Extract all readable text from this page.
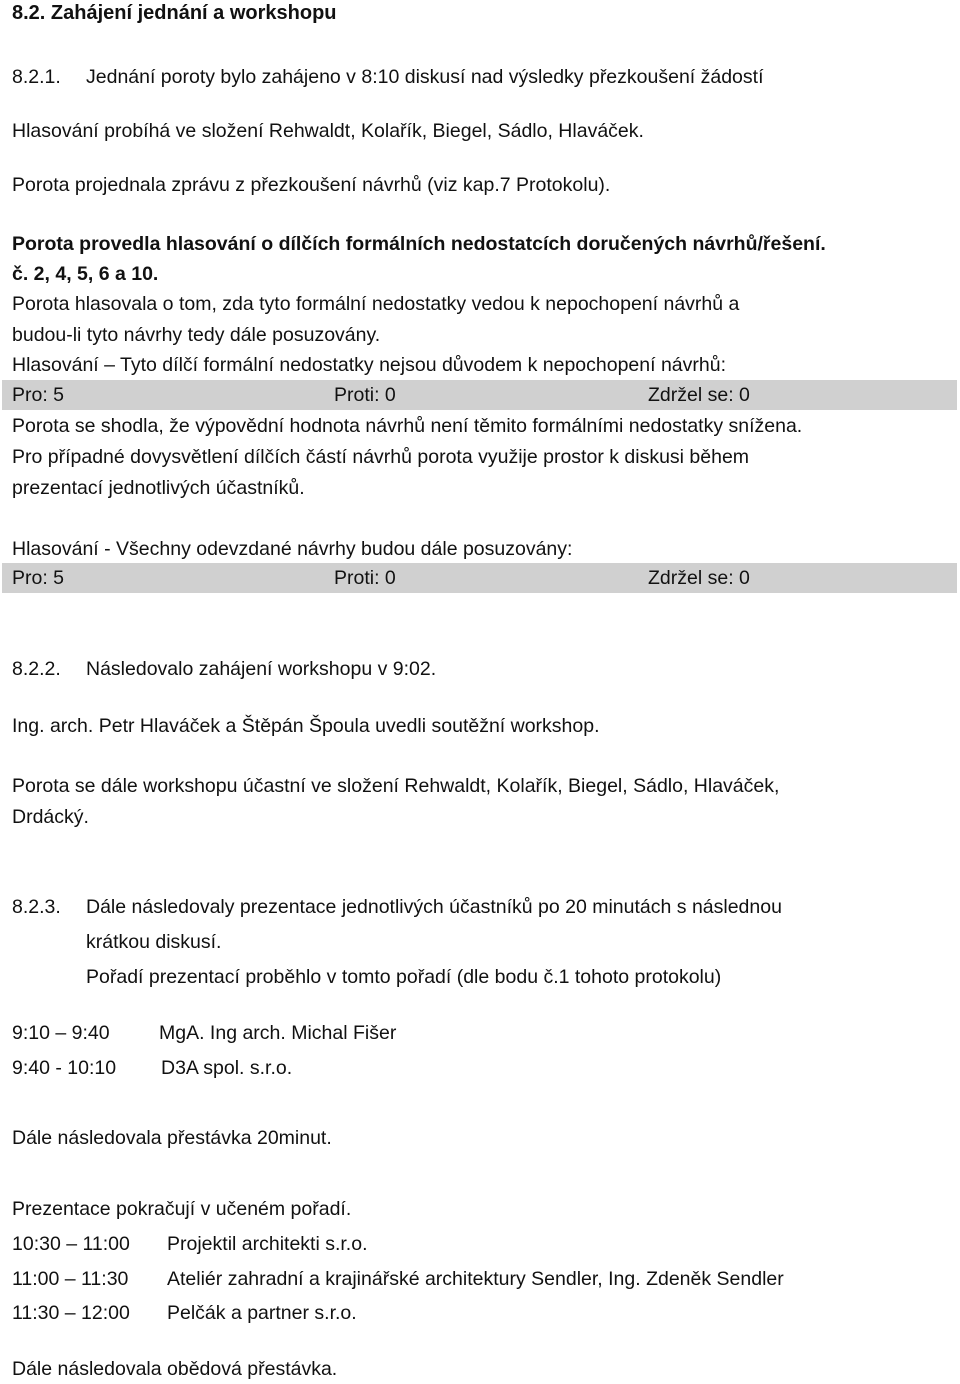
8.2. Zahájení jednání a workshopu
8.2.1. Jednání poroty bylo zahájeno v 8:10 diskusí nad výsledky přezkoušení žádostí
Hlasování probíhá ve složení Rehwaldt, Kolařík, Biegel, Sádlo, Hlaváček.
Porota projednala zprávu z přezkoušení návrhů (viz kap.7 Protokolu).
Porota provedla hlasování o dílčích formálních nedostatcích doručených návrhů/řešení.
č. 2, 4, 5, 6 a 10.
Porota hlasovala o tom, zda tyto formální nedostatky vedou k nepochopení návrhů a
budou-li tyto návrhy tedy dále posuzovány.
Hlasování – Tyto dílčí formální nedostatky nejsou důvodem k nepochopení návrhů:
Pro: 5	Proti: 0	Zdržel se: 0
Porota se shodla, že výpovědní hodnota návrhů není těmito formálními nedostatky snížena.
Pro případné dovysvětlení dílčích částí návrhů porota využije prostor k diskusi během
prezentací jednotlivých účastníků.
Hlasování - Všechny odevzdané návrhy budou dále posuzovány:
Pro: 5	Proti: 0	Zdržel se: 0
8.2.2. Následovalo zahájení workshopu v 9:02.
Ing. arch. Petr Hlaváček a Štěpán Špoula uvedli soutěžní workshop.
Porota se dále workshopu účastní ve složení Rehwaldt, Kolařík, Biegel, Sádlo, Hlaváček,
Drdácký.
8.2.3. Dále následovaly prezentace jednotlivých účastníků po 20 minutách s následnou
krátkou diskusí.
Pořadí prezentací proběhlo v tomto pořadí (dle bodu č.1 tohoto protokolu)
9:10 – 9:40	MgA. Ing arch. Michal Fišer
9:40 - 10:10 D3A spol. s.r.o.
Dále následovala přestávka 20minut.
Prezentace pokračují v učeném pořadí.
10:30 – 11:00 Projektil architekti s.r.o.
11:00 – 11:30 Ateliér zahradní a krajinářské architektury Sendler, Ing. Zdeněk Sendler
11:30 – 12:00 Pelčák a partner s.r.o.
Dále následovala obědová přestávka.
